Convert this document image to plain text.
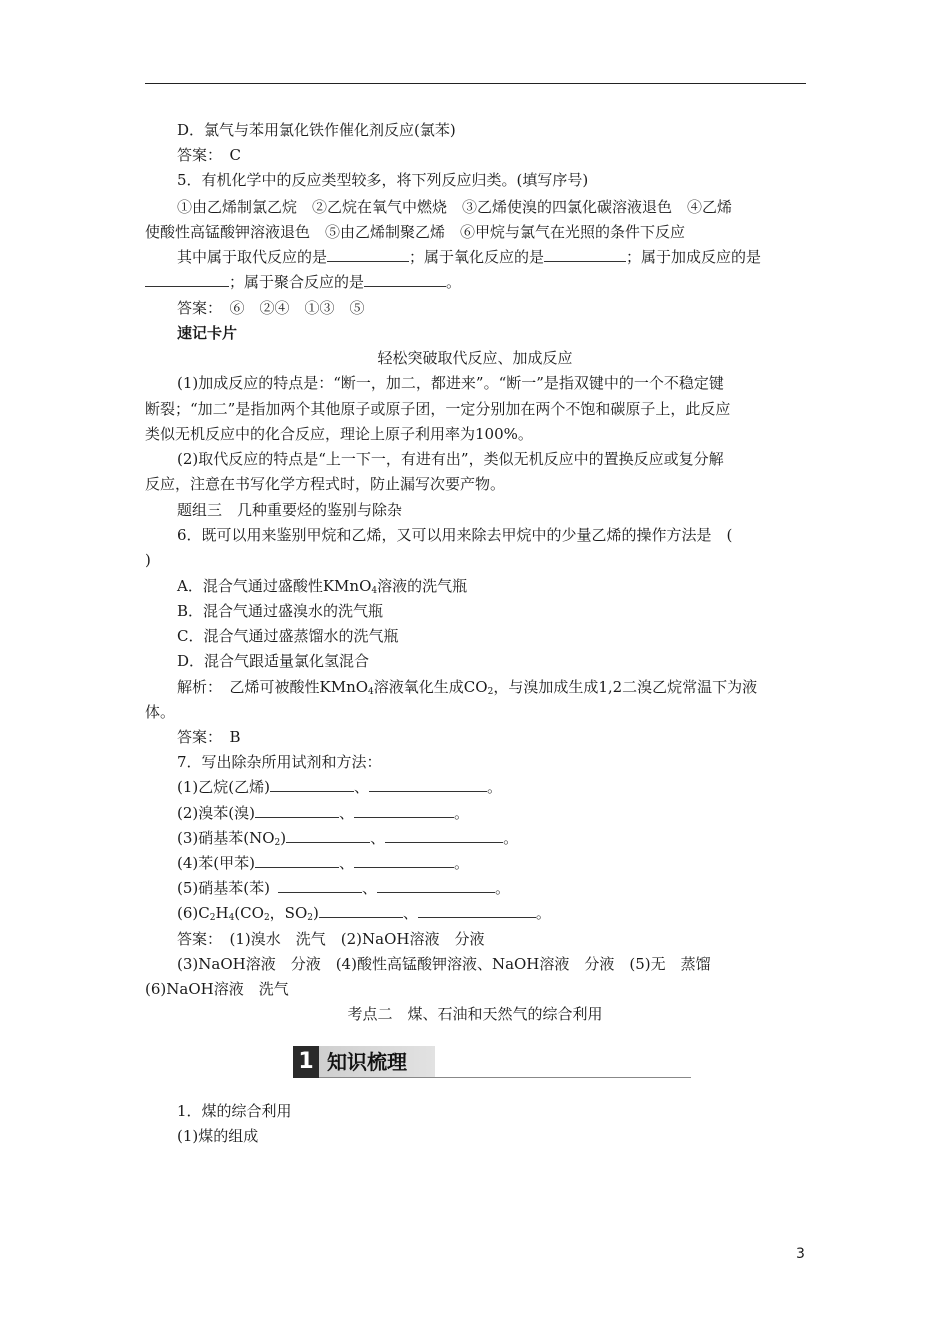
D．氯气与苯用氯化铁作催化剂反应(氯苯)
答案：　C
5．有机化学中的反应类型较多，将下列反应归类。(填写序号)
①由乙烯制氯乙烷　②乙烷在氧气中燃烧　③乙烯使溴的四氯化碳溶液退色　④乙烯
使酸性高锰酸钾溶液退色　⑤由乙烯制聚乙烯　⑥甲烷与氯气在光照的条件下反应
其中属于取代反应的是	；属于氧化反应的是	；属于加成反应的是
；属于聚合反应的是	。
答案：　⑥　②④　①③　⑤
速记卡片
轻松突破取代反应、加成反应
(1)加成反应的特点是：“断一，加二，都进来”。“断一”是指双键中的一个不稳定键
断裂；“加二”是指加两个其他原子或原子团，一定分别加在两个不饱和碳原子上，此反应
类似无机反应中的化合反应，理论上原子利用率为100%。
(2)取代反应的特点是“上一下一，有进有出”，类似无机反应中的置换反应或复分解
反应，注意在书写化学方程式时，防止漏写次要产物。
题组三　几种重要烃的鉴别与除杂
6．既可以用来鉴别甲烷和乙烯，又可以用来除去甲烷中的少量乙烯的操作方法是　(
)
A．混合气通过盛酸性KMnO$_4$溶液的洗气瓶
B．混合气通过盛溴水的洗气瓶
C．混合气通过盛蒸馏水的洗气瓶
D．混合气跟适量氯化氢混合
解析：　乙烯可被酸性KMnO$_4$溶液氧化生成$CO_2$，与溴加成生成1,2二溴乙烷常温下为液
体。
答案：　B
7．写出除杂所用试剂和方法：
(1)乙烷(乙烯)	、	。
(2)溴苯(溴)	、	。
(3)硝基苯$(NO_2)$	、	。
(4)苯(甲苯)	、	。
(5)硝基苯(苯)	、	。
$(6)C_2H_4(CO_2$，$SO_2$)	、	。
答案：　(1)溴水　洗气　(2)NaOH溶液　分液
(3)NaOH溶液　分液　(4)酸性高锰酸钾溶液、NaOH溶液　分液　(5)无　蒸馏
(6)NaOH溶液　洗气
考点二　煤、石油和天然气的综合利用
1 知识梳理
1．煤的综合利用
(1)煤的组成
3
